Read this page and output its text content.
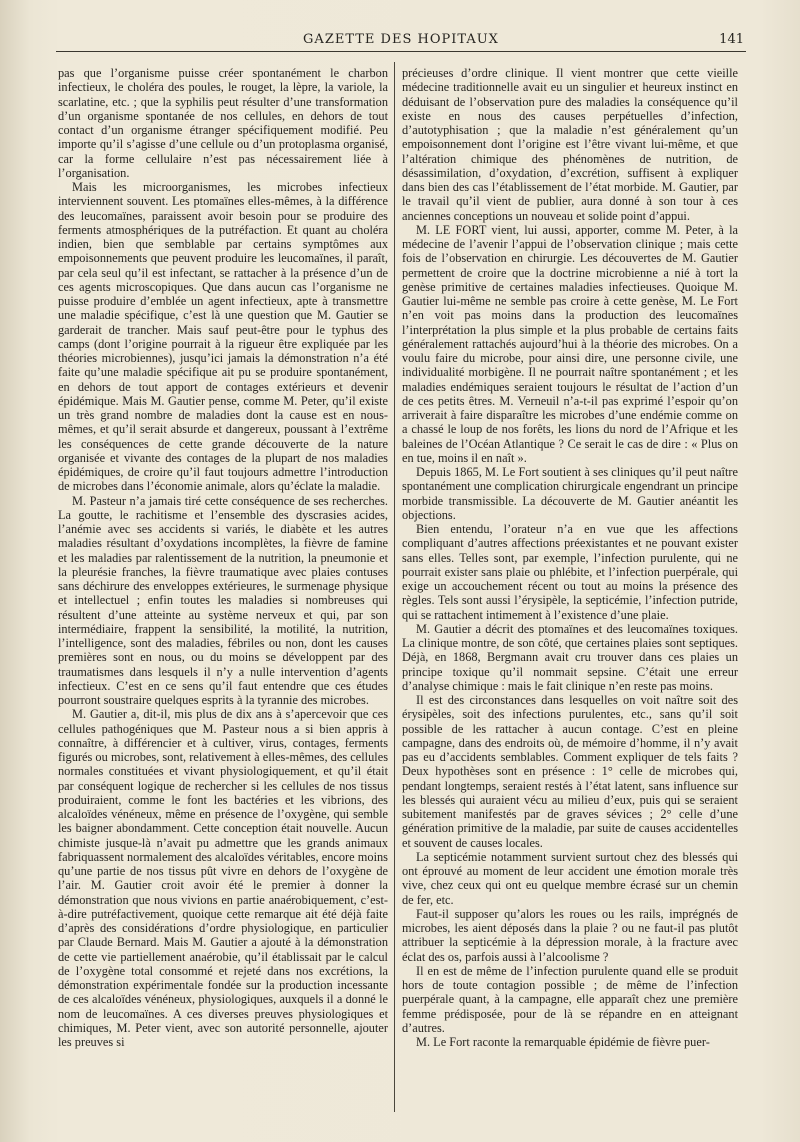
GAZETTE DES HOPITAUX	141

pas que l’organisme puisse créer spontanément le charbon infectieux, le choléra des poules, le rouget, la lèpre, la variole, la scarlatine, etc. ; que la syphilis peut résulter d’une transformation d’un organisme spontanée de nos cellules, en dehors de tout contact d’un organisme étranger spécifiquement modifié. Peu importe qu’il s’agisse d’une cellule ou d’un protoplasma organisé, car la forme cellulaire n’est pas nécessairement liée à l’organisation.

Mais les microorganismes, les microbes infectieux interviennent souvent. Les ptomaïnes elles-mêmes, à la différence des leucomaïnes, paraissent avoir besoin pour se produire des ferments atmosphériques de la putréfaction. Et quant au choléra indien, bien que semblable par certains symptômes aux empoisonnements que peuvent produire les leucomaïnes, il paraît, par cela seul qu’il est infectant, se rattacher à la présence d’un de ces agents microscopiques. Que dans aucun cas l’organisme ne puisse produire d’emblée un agent infectieux, apte à transmettre une maladie spécifique, c’est là une question que M. Gautier se garderait de trancher. Mais sauf peut-être pour le typhus des camps (dont l’origine pourrait à la rigueur être expliquée par les théories microbiennes), jusqu’ici jamais la démonstration n’a été faite qu’une maladie spécifique ait pu se produire spontanément, en dehors de tout apport de contages extérieurs et devenir épidémique. Mais M. Gautier pense, comme M. Peter, qu’il existe un très grand nombre de maladies dont la cause est en nous-mêmes, et qu’il serait absurde et dangereux, poussant à l’extrême les conséquences de cette grande découverte de la nature organisée et vivante des contages de la plupart de nos maladies épidémiques, de croire qu’il faut toujours admettre l’introduction de microbes dans l’économie animale, alors qu’éclate la maladie.

M. Pasteur n’a jamais tiré cette conséquence de ses recherches. La goutte, le rachitisme et l’ensemble des dyscrasies acides, l’anémie avec ses accidents si variés, le diabète et les autres maladies résultant d’oxydations incomplètes, la fièvre de famine et les maladies par ralentissement de la nutrition, la pneumonie et la pleurésie franches, la fièvre traumatique avec plaies contuses sans déchirure des enveloppes extérieures, le surmenage physique et intellectuel ; enfin toutes les maladies si nombreuses qui résultent d’une atteinte au système nerveux et qui, par son intermédiaire, frappent la sensibilité, la motilité, la nutrition, l’intelligence, sont des maladies, fébriles ou non, dont les causes premières sont en nous, ou du moins se développent par des traumatismes dans lesquels il n’y a nulle intervention d’agents infectieux. C’est en ce sens qu’il faut entendre que ces études pourront soustraire quelques esprits à la tyrannie des microbes.

M. Gautier a, dit-il, mis plus de dix ans à s’apercevoir que ces cellules pathogéniques que M. Pasteur nous a si bien appris à connaître, à différencier et à cultiver, virus, contages, ferments figurés ou microbes, sont, relativement à elles-mêmes, des cellules normales constituées et vivant physiologiquement, et qu’il était par conséquent logique de rechercher si les cellules de nos tissus produiraient, comme le font les bactéries et les vibrions, des alcaloïdes vénéneux, même en présence de l’oxygène, qui semble les baigner abondamment. Cette conception était nouvelle. Aucun chimiste jusque-là n’avait pu admettre que les grands animaux fabriquassent normalement des alcaloïdes véritables, encore moins qu’une partie de nos tissus pût vivre en dehors de l’oxygène de l’air. M. Gautier croit avoir été le premier à donner la démonstration que nous vivions en partie anaérobiquement, c’est-à-dire putréfactivement, quoique cette remarque ait été déjà faite d’après des considérations d’ordre physiologique, en particulier par Claude Bernard. Mais M. Gautier a ajouté à la démonstration de cette vie partiellement anaérobie, qu’il établissait par le calcul de l’oxygène total consommé et rejeté dans nos excrétions, la démonstration expérimentale fondée sur la production incessante de ces alcaloïdes vénéneux, physiologiques, auxquels il a donné le nom de leucomaïnes. A ces diverses preuves physiologiques et chimiques, M. Peter vient, avec son autorité personnelle, ajouter les preuves si

précieuses d’ordre clinique. Il vient montrer que cette vieille médecine traditionnelle avait eu un singulier et heureux instinct en déduisant de l’observation pure des maladies la conséquence qu’il existe en nous des causes perpétuelles d’infection, d’autotyphisation ; que la maladie n’est généralement qu’un empoisonnement dont l’origine est l’être vivant lui-même, et que l’altération chimique des phénomènes de nutrition, de désassimilation, d’oxydation, d’excrétion, suffisent à expliquer dans bien des cas l’établissement de l’état morbide. M. Gautier, par le travail qu’il vient de publier, aura donné à son tour à ces anciennes conceptions un nouveau et solide point d’appui.

M. LE FORT vient, lui aussi, apporter, comme M. Peter, à la médecine de l’avenir l’appui de l’observation clinique ; mais cette fois de l’observation en chirurgie. Les découvertes de M. Gautier permettent de croire que la doctrine microbienne a nié à tort la genèse primitive de certaines maladies infectieuses. Quoique M. Gautier lui-même ne semble pas croire à cette genèse, M. Le Fort n’en voit pas moins dans la production des leucomaïnes l’interprétation la plus simple et la plus probable de certains faits généralement rattachés aujourd’hui à la théorie des microbes. On a voulu faire du microbe, pour ainsi dire, une personne civile, une individualité morbigène. Il ne pourrait naître spontanément ; et les maladies endémiques seraient toujours le résultat de l’action d’un de ces petits êtres. M. Verneuil n’a-t-il pas exprimé l’espoir qu’on arriverait à faire disparaître les microbes d’une endémie comme on a chassé le loup de nos forêts, les lions du nord de l’Afrique et les baleines de l’Océan Atlantique ? Ce serait le cas de dire : « Plus on en tue, moins il en naît ».

Depuis 1865, M. Le Fort soutient à ses cliniques qu’il peut naître spontanément une complication chirurgicale engendrant un principe morbide transmissible. La découverte de M. Gautier anéantit les objections.

Bien entendu, l’orateur n’a en vue que les affections compliquant d’autres affections préexistantes et ne pouvant exister sans elles. Telles sont, par exemple, l’infection purulente, qui ne pourrait exister sans plaie ou phlébite, et l’infection puerpérale, qui exige un accouchement récent ou tout au moins la présence des règles. Tels sont aussi l’érysipèle, la septicémie, l’infection putride, qui se rattachent intimement à l’existence d’une plaie.

M. Gautier a décrit des ptomaïnes et des leucomaïnes toxiques. La clinique montre, de son côté, que certaines plaies sont septiques. Déjà, en 1868, Bergmann avait cru trouver dans ces plaies un principe toxique qu’il nommait sepsine. C’était une erreur d’analyse chimique : mais le fait clinique n’en reste pas moins.

Il est des circonstances dans lesquelles on voit naître soit des érysipèles, soit des infections purulentes, etc., sans qu’il soit possible de les rattacher à aucun contage. C’est en pleine campagne, dans des endroits où, de mémoire d’homme, il n’y avait pas eu d’accidents semblables. Comment expliquer de tels faits ? Deux hypothèses sont en présence : 1° celle de microbes qui, pendant longtemps, seraient restés à l’état latent, sans influence sur les blessés qui auraient vécu au milieu d’eux, puis qui se seraient subitement manifestés par de graves sévices ; 2° celle d’une génération primitive de la maladie, par suite de causes accidentelles et souvent de causes locales.

La septicémie notamment survient surtout chez des blessés qui ont éprouvé au moment de leur accident une émotion morale très vive, chez ceux qui ont eu quelque membre écrasé sur un chemin de fer, etc.

Faut-il supposer qu’alors les roues ou les rails, imprégnés de microbes, les aient déposés dans la plaie ? ou ne faut-il pas plutôt attribuer la septicémie à la dépression morale, à la fracture avec éclat des os, parfois aussi à l’alcoolisme ?

Il en est de même de l’infection purulente quand elle se produit hors de toute contagion possible ; de même de l’infection puerpérale quant, à la campagne, elle apparaît chez une première femme prédisposée, pour de là se répandre en en atteignant d’autres.

M. Le Fort raconte la remarquable épidémie de fièvre puer-
